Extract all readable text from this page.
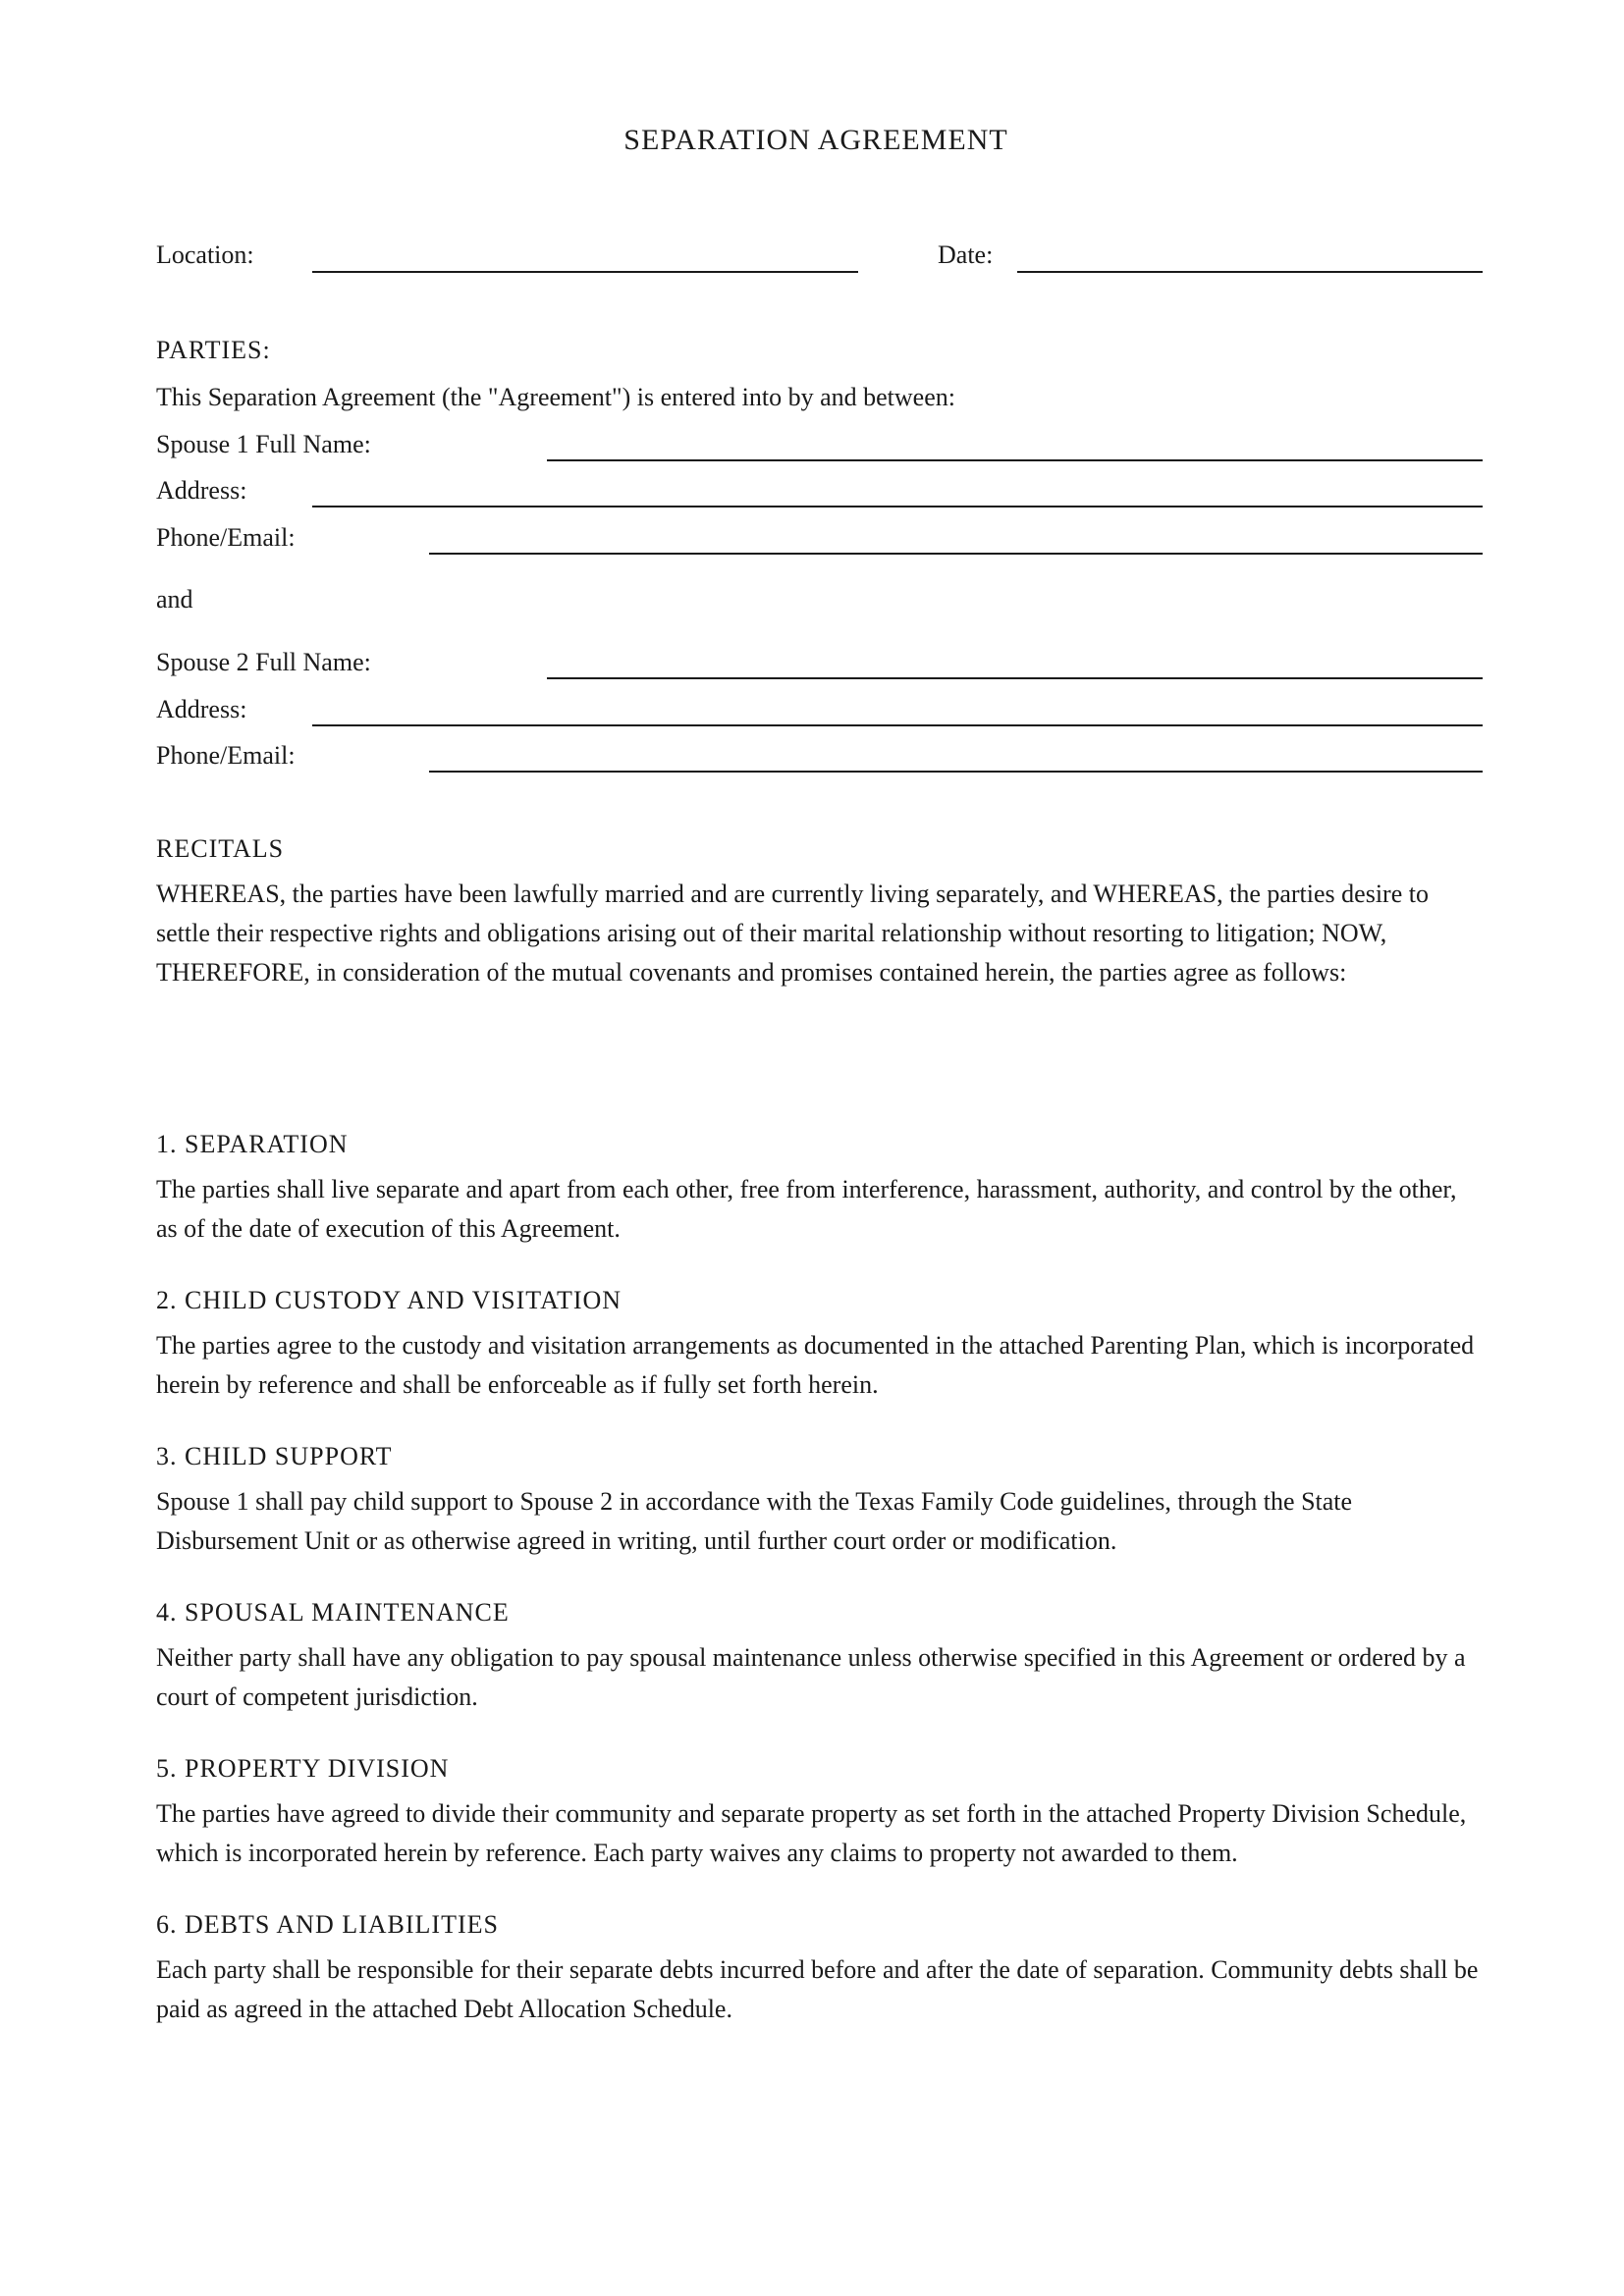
SEPARATION AGREEMENT
Location:	Date:
PARTIES:
This Separation Agreement (the "Agreement") is entered into by and between:
Spouse 1 Full Name:
Address:
Phone/Email:
and
Spouse 2 Full Name:
Address:
Phone/Email:
RECITALS
WHEREAS, the parties have been lawfully married and are currently living separately, and WHEREAS, the parties desire to settle their respective rights and obligations arising out of their marital relationship without resorting to litigation; NOW, THEREFORE, in consideration of the mutual covenants and promises contained herein, the parties agree as follows:
1. SEPARATION
The parties shall live separate and apart from each other, free from interference, harassment, authority, and control by the other, as of the date of execution of this Agreement.
2. CHILD CUSTODY AND VISITATION
The parties agree to the custody and visitation arrangements as documented in the attached Parenting Plan, which is incorporated herein by reference and shall be enforceable as if fully set forth herein.
3. CHILD SUPPORT
Spouse 1 shall pay child support to Spouse 2 in accordance with the Texas Family Code guidelines, through the State Disbursement Unit or as otherwise agreed in writing, until further court order or modification.
4. SPOUSAL MAINTENANCE
Neither party shall have any obligation to pay spousal maintenance unless otherwise specified in this Agreement or ordered by a court of competent jurisdiction.
5. PROPERTY DIVISION
The parties have agreed to divide their community and separate property as set forth in the attached Property Division Schedule, which is incorporated herein by reference. Each party waives any claims to property not awarded to them.
6. DEBTS AND LIABILITIES
Each party shall be responsible for their separate debts incurred before and after the date of separation. Community debts shall be paid as agreed in the attached Debt Allocation Schedule.
